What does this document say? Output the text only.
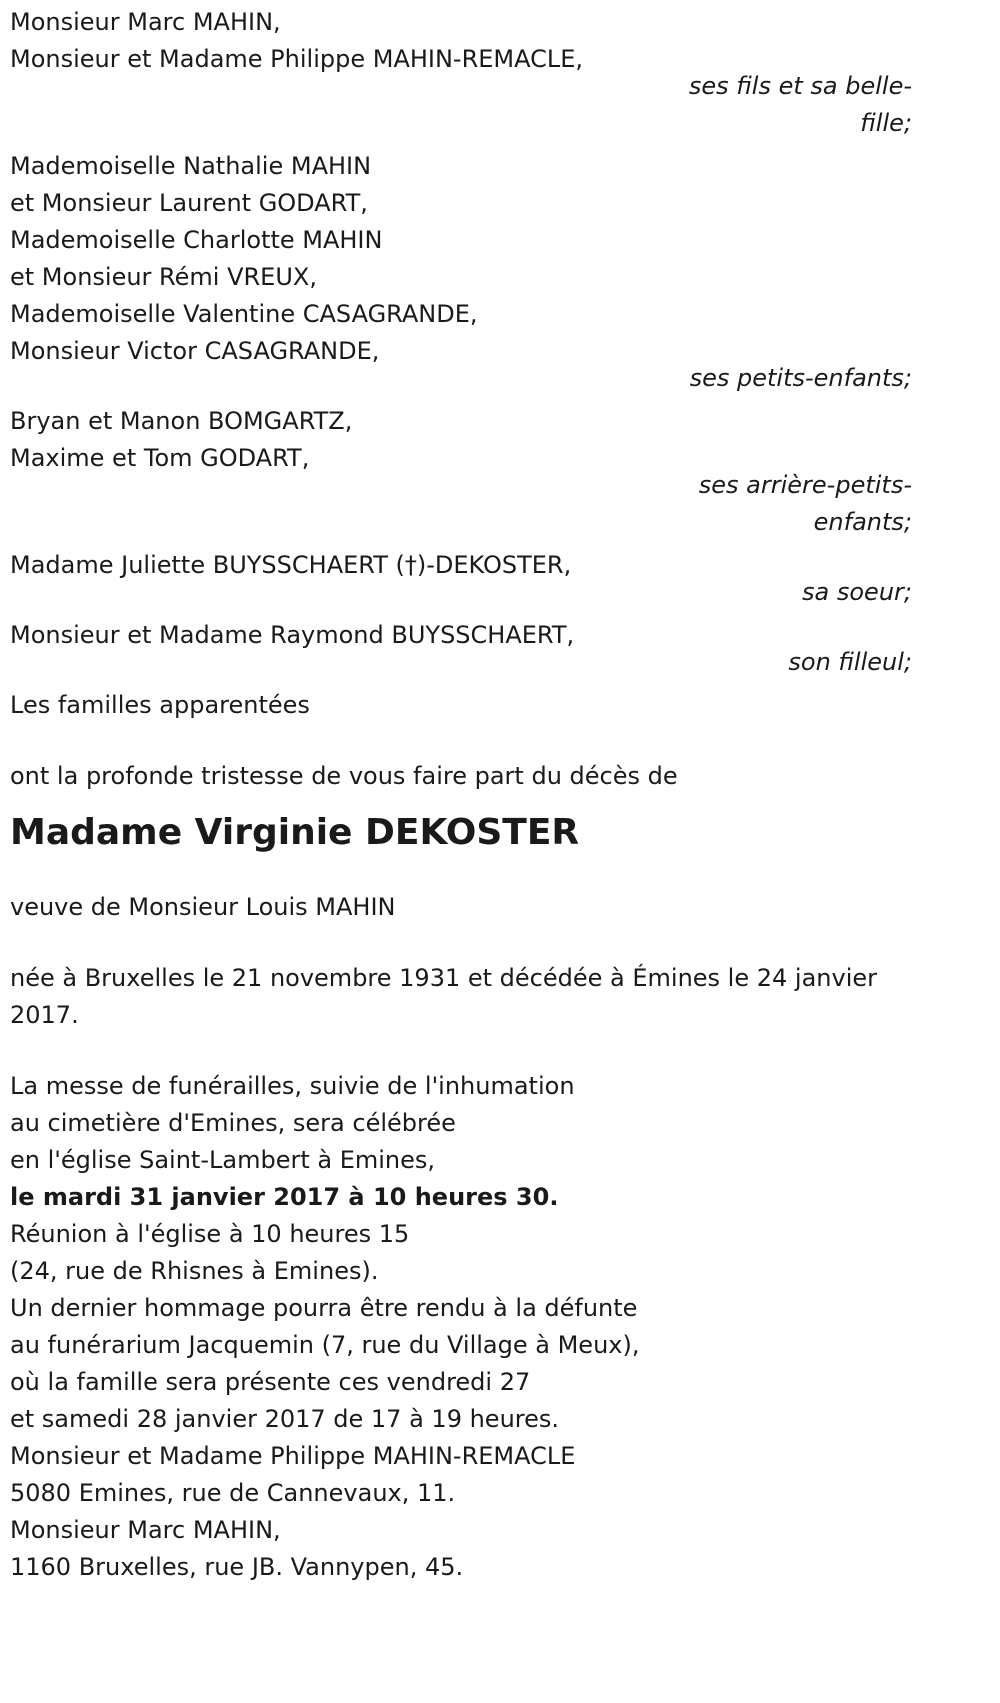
Monsieur Marc MAHIN,
Monsieur et Madame Philippe MAHIN-REMACLE,
ses fils et sa belle-
fille;
Mademoiselle Nathalie MAHIN
et Monsieur Laurent GODART,
Mademoiselle Charlotte MAHIN
et Monsieur Rémi VREUX,
Mademoiselle Valentine CASAGRANDE,
Monsieur Victor CASAGRANDE,
ses petits-enfants;
Bryan et Manon BOMGARTZ,
Maxime et Tom GODART,
ses arrière-petits-
enfants;
Madame Juliette BUYSSCHAERT (†)-DEKOSTER,
sa soeur;
Monsieur et Madame Raymond BUYSSCHAERT,
son filleul;
Les familles apparentées
ont la profonde tristesse de vous faire part du décès de
Madame Virginie DEKOSTER
veuve de Monsieur Louis MAHIN
née à Bruxelles le 21 novembre 1931 et décédée à Émines le 24 janvier 2017.
La messe de funérailles, suivie de l'inhumation
au cimetière d'Emines, sera célébrée
en l'église Saint-Lambert à Emines,
le mardi 31 janvier 2017 à 10 heures 30.
Réunion à l'église à 10 heures 15
(24, rue de Rhisnes à Emines).
Un dernier hommage pourra être rendu à la défunte
au funérarium Jacquemin (7, rue du Village à Meux),
où la famille sera présente ces vendredi 27
et samedi 28 janvier 2017 de 17 à 19 heures.
Monsieur et Madame Philippe MAHIN-REMACLE
5080 Emines, rue de Cannevaux, 11.
Monsieur Marc MAHIN,
1160 Bruxelles, rue JB. Vannypen, 45.
